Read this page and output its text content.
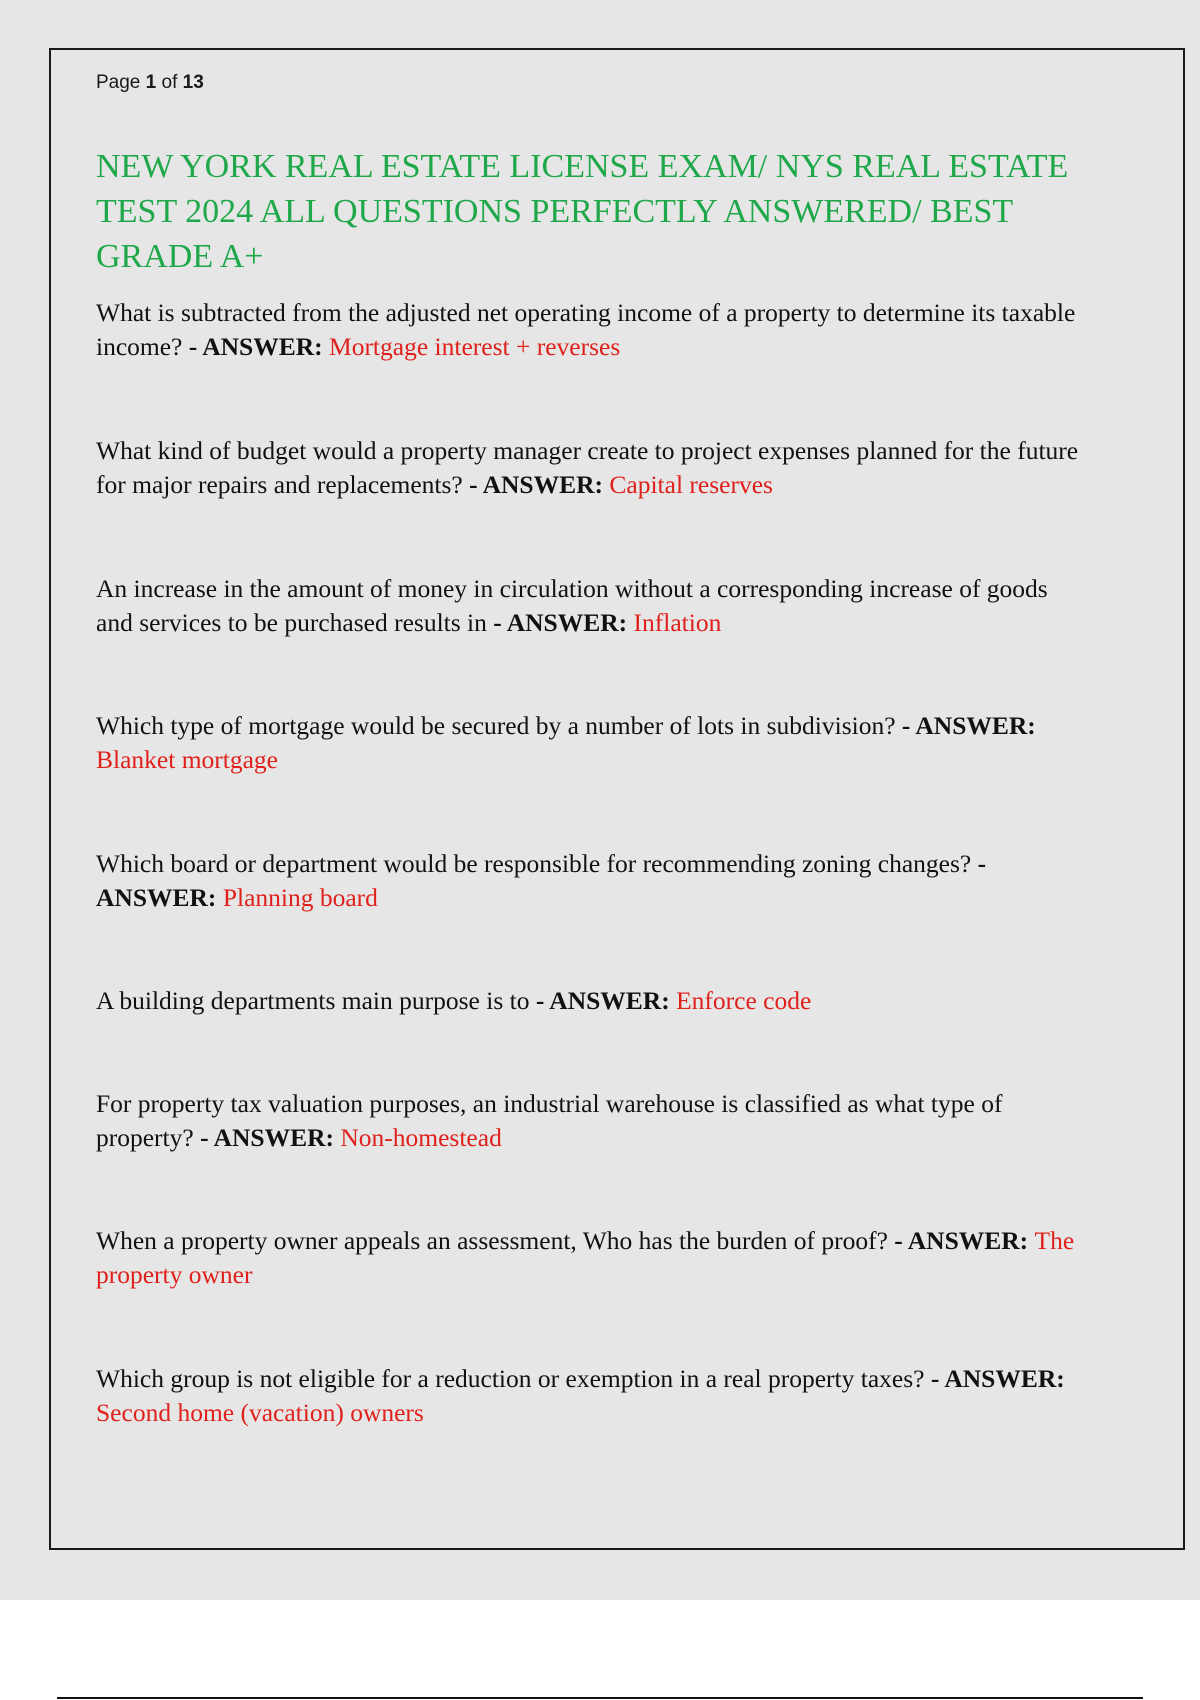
Page 1 of 13
NEW YORK REAL ESTATE LICENSE EXAM/ NYS REAL ESTATE TEST 2024 ALL QUESTIONS PERFECTLY ANSWERED/ BEST GRADE A+

What is subtracted from the adjusted net operating income of a property to determine its taxable income? - ANSWER: Mortgage interest + reverses

What kind of budget would a property manager create to project expenses planned for the future for major repairs and replacements? - ANSWER: Capital reserves

An increase in the amount of money in circulation without a corresponding increase of goods and services to be purchased results in - ANSWER: Inflation

Which type of mortgage would be secured by a number of lots in subdivision? - ANSWER: Blanket mortgage

Which board or department would be responsible for recommending zoning changes? - ANSWER: Planning board

A building departments main purpose is to - ANSWER: Enforce code

For property tax valuation purposes, an industrial warehouse is classified as what type of property? - ANSWER: Non-homestead

When a property owner appeals an assessment, Who has the burden of proof? - ANSWER: The property owner

Which group is not eligible for a reduction or exemption in a real property taxes? - ANSWER: Second home (vacation) owners
